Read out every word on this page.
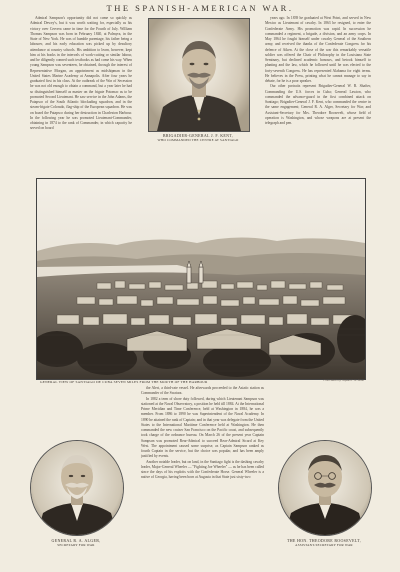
THE SPANISH-AMERICAN WAR.

Admiral Sampson's opportunity did not come so quickly as Admiral Dewey's, but it was worth waiting for, especially as his victory over Cervera came in time for the Fourth of July. William Thomas Sampson was born in February 1840, at Palmyra, in the State of New York. He was of humble parentage, his father being a labourer, and his early education was picked up by desultory attendance at country schools. His ambition to learn, however, kept him at his books in the intervals of work-cutting or similar labour, and he diligently conned such textbooks as had come his way. When young Sampson was seventeen, he obtained, through the interest of Representative Morgan, an appointment as midshipman in the United States Marine Academy at Annapolis. After four years he graduated first in his class. At the outbreak of the War of Secession he was not old enough to obtain a command, but a year later he had so distinguished himself as master on the frigate Potomac as to be promoted Second Lieutenant. He saw service in the John Adams, the Patapsco of the South Atlantic blockading squadron, and in the steam-frigate Colorado, flag-ship of the European squadron. He was on board the Patapsco during her destruction in Charleston Harbour. In the following year he was promoted Lieutenant-Commander, obtaining in 1874 to the rank of Commander, in which capacity he served on board

BRIGADIER-GENERAL J. F. KENT,
WHO COMMANDED THE CENTRE AT SANTIAGO

years ago. In 1839 he graduated at West Point, and served in New Mexico as Lieutenant of cavalry. In 1863 he resigned, to enter the Confederate Army. His promotion was rapid. In succession he commanded a regiment, a brigade, a division, and an army corps. In May 1864 he fought himself under cavalry General of the Southern army, and received the thanks of the Confederate Congress for his defence of Aiken. At the close of the war this remarkably versatile soldier was offered the Chair of Philosophy in the Louisiana State Seminary, but declined academic honours, and betook himself to planting and the law, which he followed until he was elected to the forty-seventh Congress. He has represented Alabama for eight terms. He believes in the Press, printing what he cannot manage to say in debate, for he is a poor speaker.

Our other portraits represent Brigadier-General W. R. Shafter, Commanding the U.S. forces in Cuba; General Lawton, who commanded the advance-guard in the first combined attack on Santiago; Brigadier-General J. F. Kent, who commanded the centre in the same engagement; General R. A. Alger, Secretary for War; and Assistant-Secretary for Mrs. Theodore Roosevelt, whose field of operation is Washington, and whose weapons are at present the telegraph and pen.

GENERAL VIEW OF SANTIAGO DE CUBA SEVEN MILES FROM THE MOUTH OF THE HARBOUR	From Sketch by Captain F. W. Brian
GENERAL R. A. ALGER,
SECRETARY FOR WAR

the Alert, a third-rate vessel. He afterwards proceeded to the Asiatic station as Commander of the Swatara.

In 1882 a term of shore duty followed, during which Lieutenant Sampson was stationed at the Naval Observatory, a position he held till 1884. At the International Prime Meridian and Time Conference, held at Washington in 1884, he was a member. From 1886 to 1890 he was Superintendent of the Naval Academy. In 1890 he attained the rank of Captain; and in that year was delegate from the United States to the International Maritime Conference held at Washington. He then commanded the new cruiser San Francisco on the Pacific coast, and subsequently took charge of the ordnance bureau. On March 26 of the present year Captain Sampson was promoted Rear-Admiral to succeed Rear-Admiral Sicard at Key West. The appointment caused some surprise, as Captain Sampson ranked as fourth Captain in the service, but the choice was popular, and has been amply justified by events.

Another notable leader, but on land, in the Santiago fight is the dashing cavalry leader, Major-General Wheeler — "Fighting Joe Wheeler" — as he has been called since the days of his exploits with the Confederate Horse. General Wheeler is a native of Georgia, having been born at Augusta in that State just sixty-two

THE HON. THEODORE ROOSEVELT,
ASSISTANT-SECRETARY FOR WAR
